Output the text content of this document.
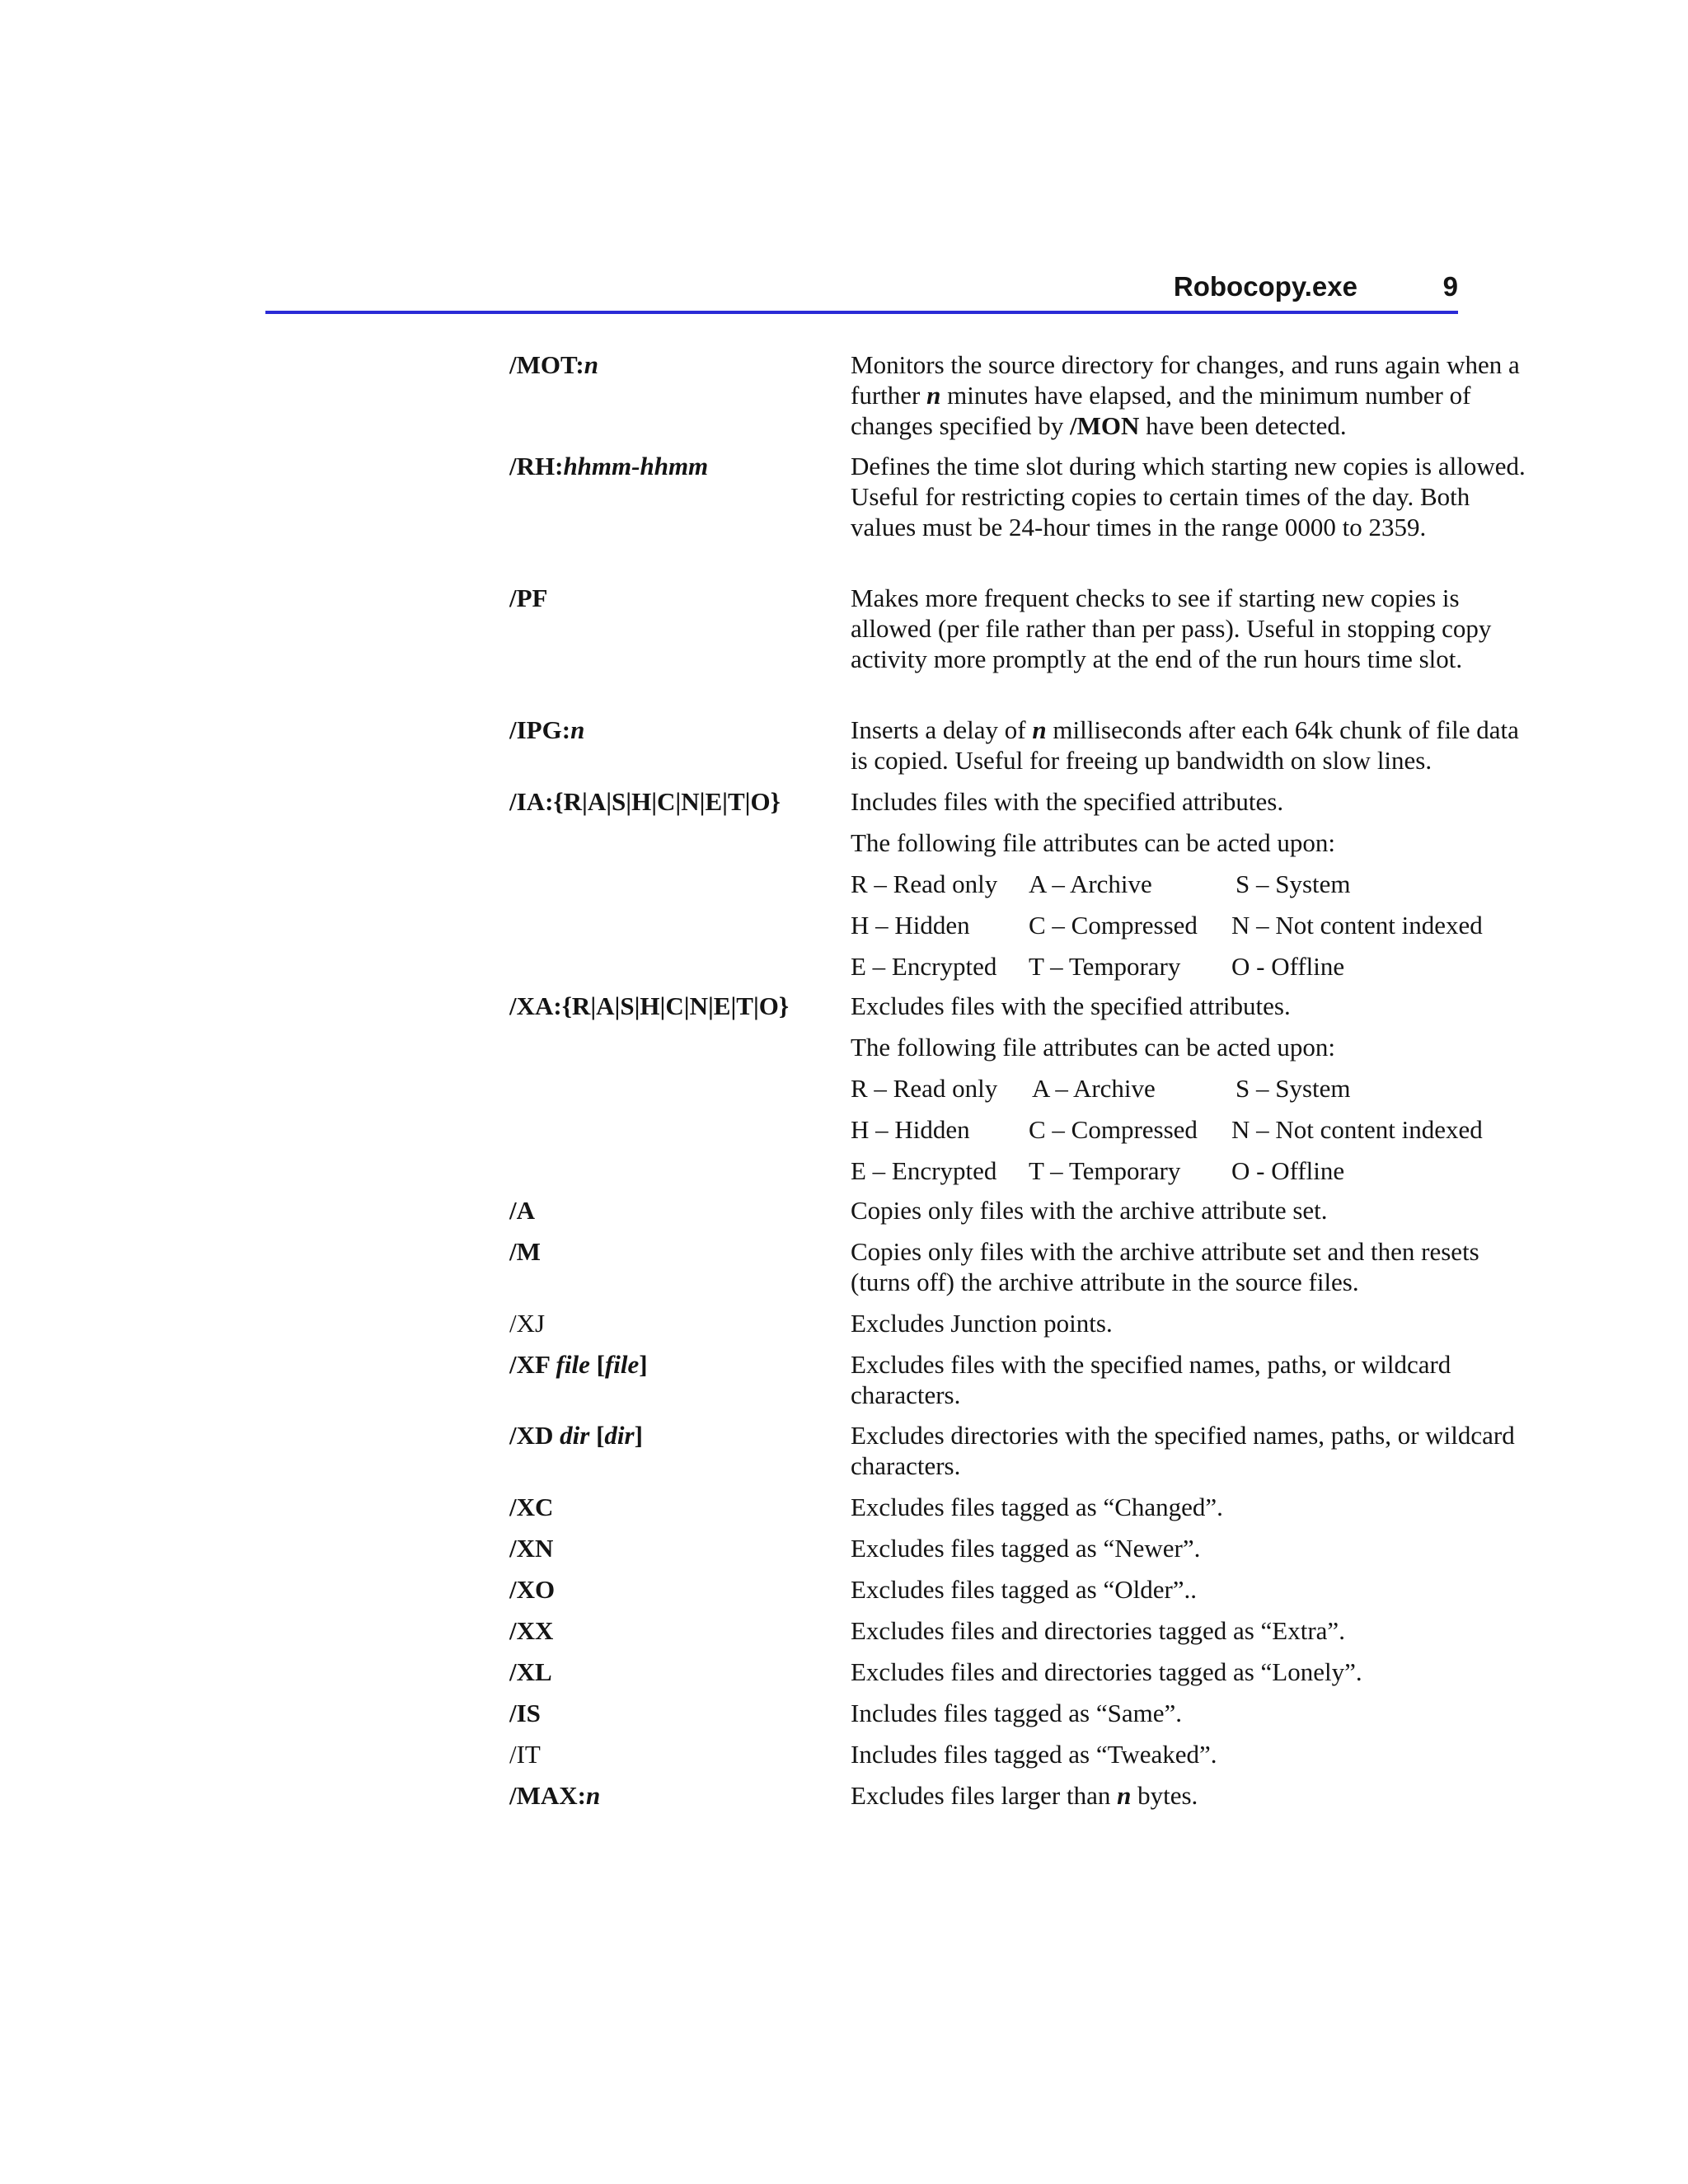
Robocopy.exe	9
/MOT:n	Monitors the source directory for changes, and runs again when a further n minutes have elapsed, and the minimum number of changes specified by /MON have been detected.
/RH:hhmm-hhmm	Defines the time slot during which starting new copies is allowed. Useful for restricting copies to certain times of the day. Both values must be 24-hour times in the range 0000 to 2359.
/PF	Makes more frequent checks to see if starting new copies is allowed (per file rather than per pass). Useful in stopping copy activity more promptly at the end of the run hours time slot.
/IPG:n	Inserts a delay of n milliseconds after each 64k chunk of file data is copied. Useful for freeing up bandwidth on slow lines.
/IA:{R|A|S|H|C|N|E|T|O}	Includes files with the specified attributes.
The following file attributes can be acted upon:
R – Read only A – Archive	S – System
H – Hidden C – Compressed N – Not content indexed
E – Encrypted T – Temporary O - Offline
/XA:{R|A|S|H|C|N|E|T|O} Excludes files with the specified attributes.
The following file attributes can be acted upon:
R – Read only A – Archive	S – System
H – Hidden C – Compressed N – Not content indexed
E – Encrypted T – Temporary O - Offline
/A	Copies only files with the archive attribute set.
/M	Copies only files with the archive attribute set and then resets (turns off) the archive attribute in the source files.
/XJ	Excludes Junction points.
/XF file [file]	Excludes files with the specified names, paths, or wildcard characters.
/XD dir [dir]	Excludes directories with the specified names, paths, or wildcard characters.
/XC	Excludes files tagged as “Changed”.
/XN	Excludes files tagged as “Newer”.
/XO	Excludes files tagged as “Older”..
/XX	Excludes files and directories tagged as “Extra”.
/XL	Excludes files and directories tagged as “Lonely”.
/IS	Includes files tagged as “Same”.
/IT	Includes files tagged as “Tweaked”.
/MAX:n	Excludes files larger than n bytes.
